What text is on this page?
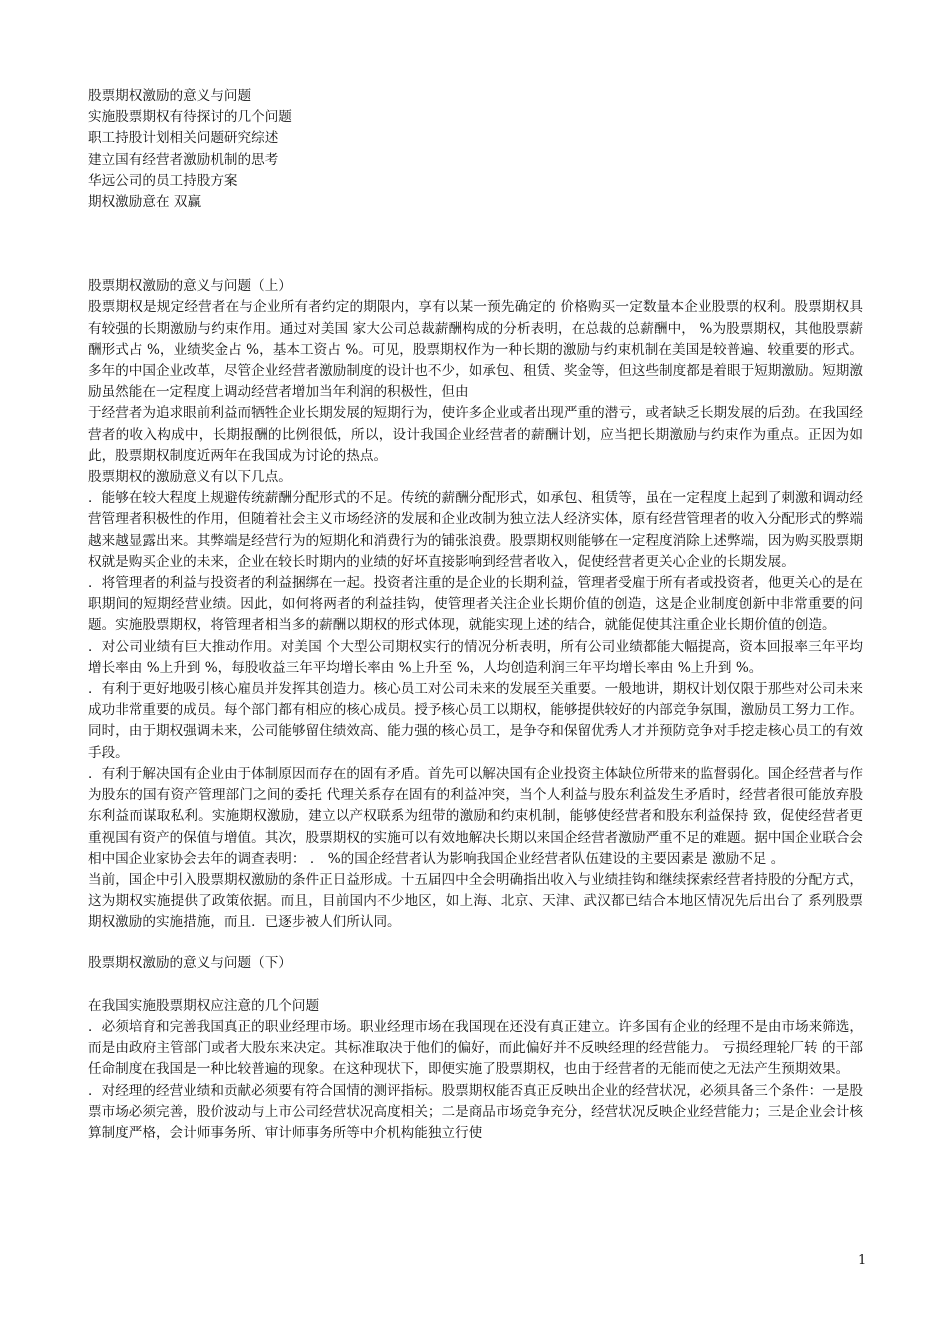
股票期权激励的意义与问题

实施股票期权有待探讨的几个问题

职工持股计划相关问题研究综述

建立国有经营者激励机制的思考

华远公司的员工持股方案

期权激励意在 双赢

股票期权激励的意义与问题（上）

股票期权是规定经营者在与企业所有者约定的期限内，享有以某一预先确定的 价格购买一定数量本企业股票的权利。股票期权具有较强的长期激励与约束作用。通过对美国 家大公司总裁薪酬构成的分析表明，在总裁的总薪酬中， %为股票期权，其他股票薪酬形式占 %，业绩奖金占 %，基本工资占 %。可见，股票期权作为一种长期的激励与约束机制在美国是较普遍、较重要的形式。 多年的中国企业改革，尽管企业经营者激励制度的设计也不少，如承包、租赁、奖金等，但这些制度都是着眼于短期激励。短期激励虽然能在一定程度上调动经营者增加当年利润的积极性，但由

于经营者为追求眼前利益而牺牲企业长期发展的短期行为，使许多企业或者出现严重的潜亏，或者缺乏长期发展的后劲。在我国经营者的收入构成中，长期报酬的比例很低，所以，设计我国企业经营者的薪酬计划，应当把长期激励与约束作为重点。正因为如此，股票期权制度近两年在我国成为讨论的热点。

股票期权的激励意义有以下几点。

．能够在较大程度上规避传统薪酬分配形式的不足。传统的薪酬分配形式，如承包、租赁等，虽在一定程度上起到了刺激和调动经营管理者积极性的作用，但随着社会主义市场经济的发展和企业改制为独立法人经济实体，原有经营管理者的收入分配形式的弊端越来越显露出来。其弊端是经营行为的短期化和消费行为的铺张浪费。股票期权则能够在一定程度消除上述弊端，因为购买股票期权就是购买企业的未来，企业在较长时期内的业绩的好坏直接影响到经营者收入，促使经营者更关心企业的长期发展。

．将管理者的利益与投资者的利益捆绑在一起。投资者注重的是企业的长期利益，管理者受雇于所有者或投资者，他更关心的是在职期间的短期经营业绩。因此，如何将两者的利益挂钩，使管理者关注企业长期价值的创造，这是企业制度创新中非常重要的问题。实施股票期权，将管理者相当多的薪酬以期权的形式体现，就能实现上述的结合，就能促使其注重企业长期价值的创造。

．对公司业绩有巨大推动作用。对美国 个大型公司期权实行的情况分析表明，所有公司业绩都能大幅提高，资本回报率三年平均增长率由 %上升到 %，每股收益三年平均增长率由 %上升至 %，人均创造利润三年平均增长率由 %上升到 %。

．有利于更好地吸引核心雇员并发挥其创造力。核心员工对公司未来的发展至关重要。一般地讲，期权计划仅限于那些对公司未来成功非常重要的成员。每个部门都有相应的核心成员。授予核心员工以期权，能够提供较好的内部竞争氛围，激励员工努力工作。同时，由于期权强调未来，公司能够留住绩效高、能力强的核心员工，是争夺和保留优秀人才并预防竞争对手挖走核心员工的有效手段。

．有利于解决国有企业由于体制原因而存在的固有矛盾。首先可以解决国有企业投资主体缺位所带来的监督弱化。国企经营者与作为股东的国有资产管理部门之间的委托 代理关系存在固有的利益冲突，当个人利益与股东利益发生矛盾时，经营者很可能放弃股东利益而谋取私利。实施期权激励，建立以产权联系为纽带的激励和约束机制，能够使经营者和股东利益保持 致，促使经营者更重视国有资产的保值与增值。其次，股票期权的实施可以有效地解决长期以来国企经营者激励严重不足的难题。据中国企业联合会相中国企业家协会去年的调查表明： ． %的国企经营者认为影响我国企业经营者队伍建设的主要因素是 激励不足 。

当前，国企中引入股票期权激励的条件正日益形成。十五届四中全会明确指出收入与业绩挂钩和继续探索经营者持股的分配方式，这为期权实施提供了政策依据。而且，目前国内不少地区，如上海、北京、天津、武汉都已结合本地区情况先后出台了 系列股票期权激励的实施措施，而且．已逐步被人们所认同。

股票期权激励的意义与问题（下）

在我国实施股票期权应注意的几个问题

．必须培育和完善我国真正的职业经理市场。职业经理市场在我国现在还没有真正建立。许多国有企业的经理不是由市场来筛选，而是由政府主管部门或者大股东来决定。其标准取决于他们的偏好，而此偏好并不反映经理的经营能力。 亏损经理轮厂转 的干部任命制度在我国是一种比较普遍的现象。在这种现状下，即便实施了股票期权，也由于经营者的无能而使之无法产生预期效果。

．对经理的经营业绩和贡献必须要有符合国情的测评指标。股票期权能否真正反映出企业的经营状况，必须具备三个条件：一是股票市场必须完善，股价波动与上市公司经营状况高度相关；二是商品市场竞争充分，经营状况反映企业经营能力；三是企业会计核算制度严格，会计师事务所、审计师事务所等中介机构能独立行使

1
